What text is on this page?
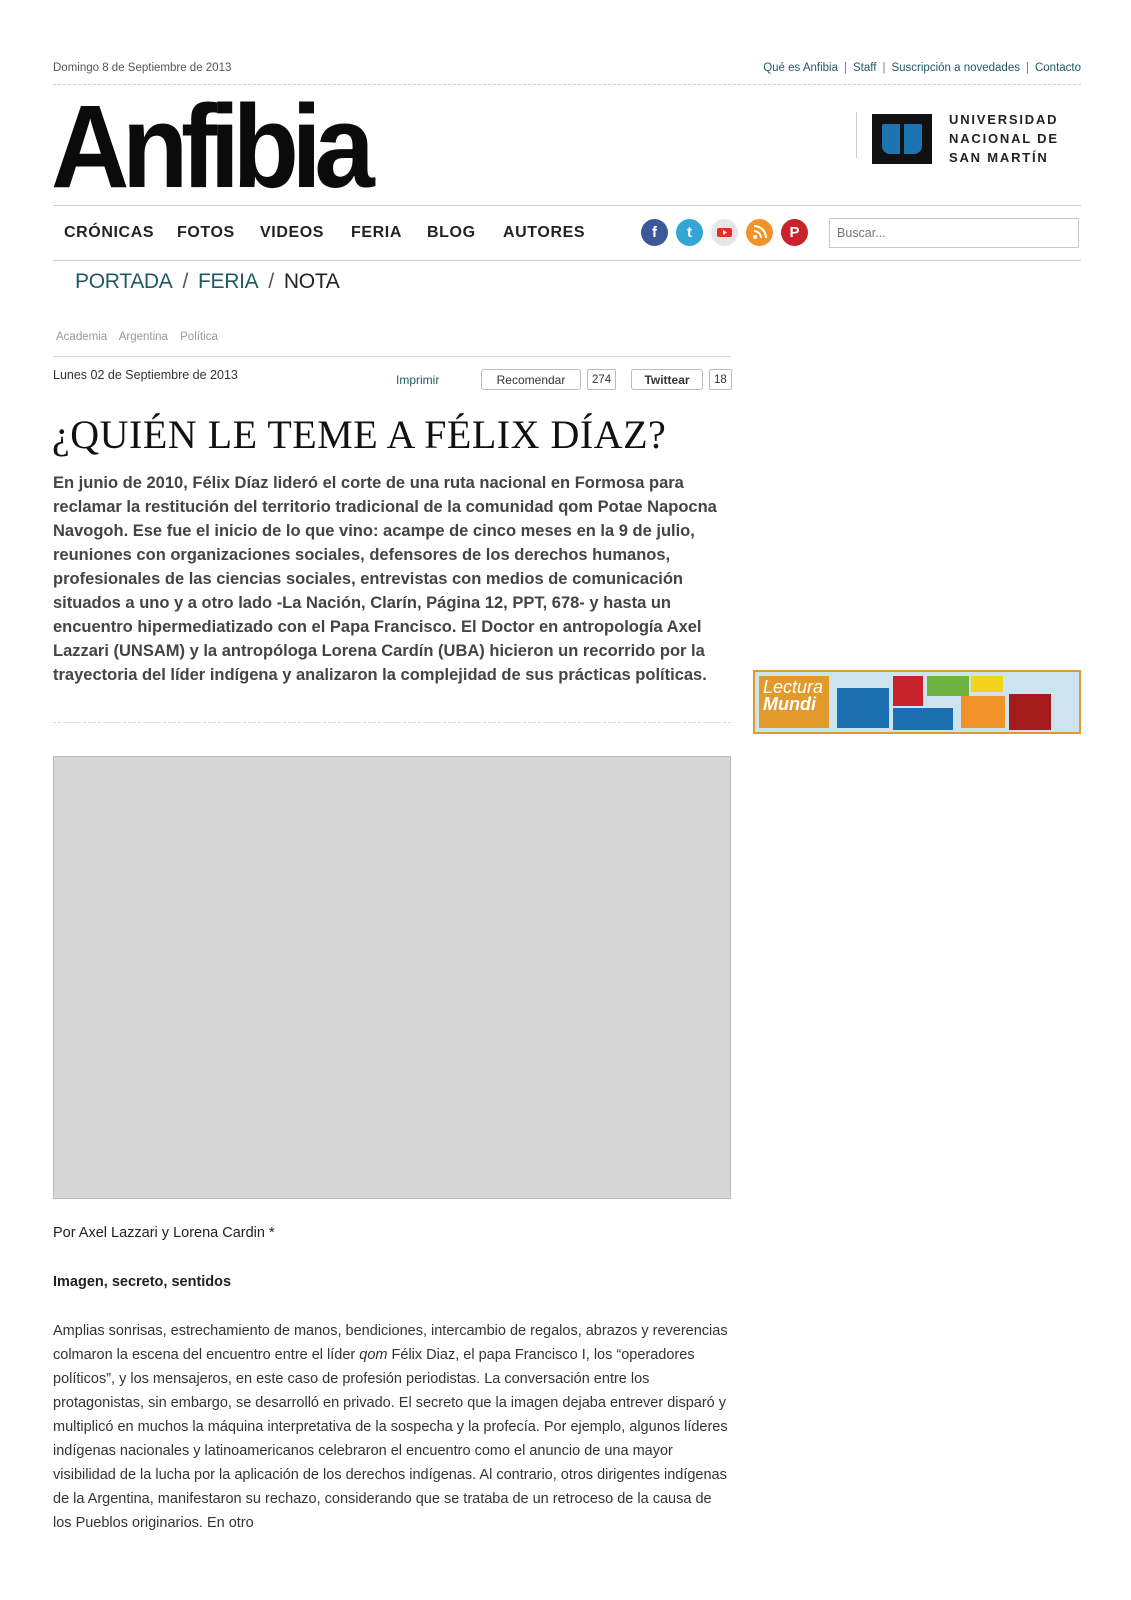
Domingo 8 de Septiembre de 2013	Qué es Anfibia | Staff | Suscripción a novedades | Contacto
Anfibia	UNIVERSIDAD
NACIONAL DE
SAN MARTÍN
CRÓNICAS FOTOS VIDEOS FERIA BLOG AUTORES	f	t	P
Buscar...
PORTADA / FERIA / NOTA
Academia Argentina Política
Lunes 02 de Septiembre de 2013	Imprimir	Recomendar	274	Twittear	18
¿QUIÉN LE TEME A FÉLIX DÍAZ?
En junio de 2010, Félix Díaz lideró el corte de una ruta nacional en Formosa para reclamar la restitución del territorio tradicional de la comunidad qom Potae Napocna Navogoh. Ese fue el inicio de lo que vino: acampe de cinco meses en la 9 de julio, reuniones con organizaciones sociales, defensores de los derechos humanos, profesionales de las ciencias sociales, entrevistas con medios de comunicación situados a uno y a otro lado -La Nación, Clarín, Página 12, PPT, 678- y hasta un encuentro hipermediatizado con el Papa Francisco. El Doctor en antropología Axel Lazzari (UNSAM) y la antropóloga Lorena Cardín (UBA) hicieron un recorrido por la trayectoria del líder indígena y analizaron la complejidad de sus prácticas políticas.
Lectura
Mundi
Por Axel Lazzari y Lorena Cardin *
Imagen, secreto, sentidos
Amplias sonrisas, estrechamiento de manos, bendiciones, intercambio de regalos, abrazos y reverencias colmaron la escena del encuentro entre el líder qom Félix Diaz, el papa Francisco I, los “operadores políticos”, y los mensajeros, en este caso de profesión periodistas. La conversación entre los protagonistas, sin embargo, se desarrolló en privado. El secreto que la imagen dejaba entrever disparó y multiplicó en muchos la máquina interpretativa de la sospecha y la profecía. Por ejemplo, algunos líderes indígenas nacionales y latinoamericanos celebraron el encuentro como el anuncio de una mayor visibilidad de la lucha por la aplicación de los derechos indígenas. Al contrario, otros dirigentes indígenas de la Argentina, manifestaron su rechazo, considerando que se trataba de un retroceso de la causa de los Pueblos originarios. En otro
